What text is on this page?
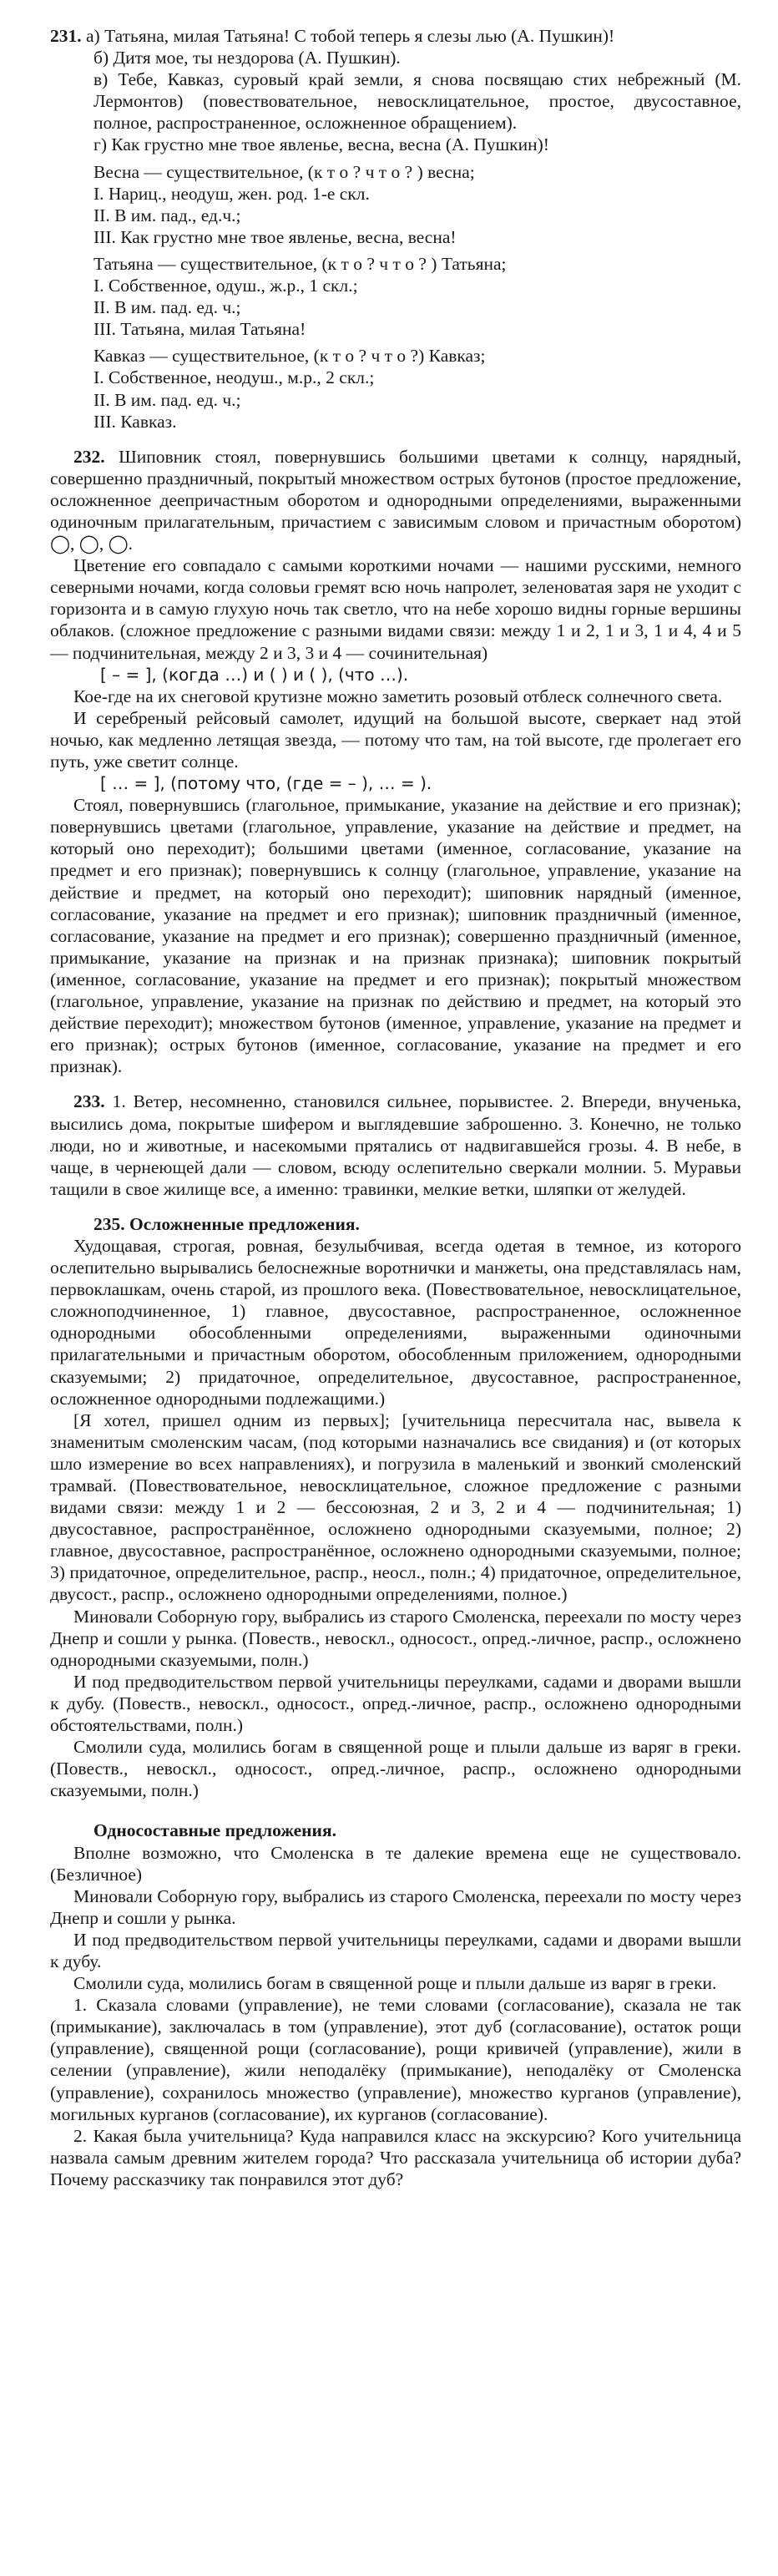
231. а) Татьяна, милая Татьяна! С тобой теперь я слезы лью (А. Пушкин)!

б) Дитя мое, ты нездорова (А. Пушкин).

в) Тебе, Кавказ, суровый край земли, я снова посвящаю стих небрежный (М. Лермонтов) (повествовательное, невосклицательное, простое, двусоставное, полное, распространенное, осложненное обращением).

г) Как грустно мне твое явленье, весна, весна (А. Пушкин)!

Весна — существительное, (к т о ? ч т о ? ) весна;

I. Нариц., неодуш, жен. род. 1-е скл.

II. В им. пад., ед.ч.;

III. Как грустно мне твое явленье, весна, весна!

Татьяна — существительное, (к т о ? ч т о ? ) Татьяна;

I. Собственное, одуш., ж.р., 1 скл.;

II. В им. пад. ед. ч.;

III. Татьяна, милая Татьяна!

Кавказ — существительное, (к т о ? ч т о ?) Кавказ;

I. Собственное, неодуш., м.р., 2 скл.;

II. В им. пад. ед. ч.;

III. Кавказ.

232. Шиповник стоял, повернувшись большими цветами к солнцу, нарядный, совершенно праздничный, покрытый множеством острых бутонов (простое предложение, осложненное деепричастным оборотом и однородными определениями, выраженными одиночным прилагательным, причастием с зависимым словом и причастным оборотом) ◯, ◯, ◯.

Цветение его совпадало с самыми короткими ночами — нашими русскими, немного северными ночами, когда соловьи гремят всю ночь напролет, зеленоватая заря не уходит с горизонта и в самую глухую ночь так светло, что на небе хорошо видны горные вершины облаков. (сложное предложение с разными видами связи: между 1 и 2, 1 и 3, 1 и 4, 4 и 5 — подчинительная, между 2 и 3, 3 и 4 — сочинительная)

[ – = ], (когда …) и ( ) и ( ), (что …).

Кое-где на их снеговой крутизне можно заметить розовый отблеск солнечного света.

И серебреный рейсовый самолет, идущий на большой высоте, сверкает над этой ночью, как медленно летящая звезда, — потому что там, на той высоте, где пролегает его путь, уже светит солнце.

[ … = ], (потому что, (где = – ), … = ).

Стоял, повернувшись (глагольное, примыкание, указание на действие и его признак); повернувшись цветами (глагольное, управление, указание на действие и предмет, на который оно переходит); большими цветами (именное, согласование, указание на предмет и его признак); повернувшись к солнцу (глагольное, управление, указание на действие и предмет, на который оно переходит); шиповник нарядный (именное, согласование, указание на предмет и его признак); шиповник праздничный (именное, согласование, указание на предмет и его признак); совершенно праздничный (именное, примыкание, указание на признак и на признак признака); шиповник покрытый (именное, согласование, указание на предмет и его признак); покрытый множеством (глагольное, управление, указание на признак по действию и предмет, на который это действие переходит); множеством бутонов (именное, управление, указание на предмет и его признак); острых бутонов (именное, согласование, указание на предмет и его признак).

233. 1. Ветер, несомненно, становился сильнее, порывистее. 2. Впереди, внученька, высились дома, покрытые шифером и выглядевшие заброшенно. 3. Конечно, не только люди, но и животные, и насекомыми прятались от надвигавшейся грозы. 4. В небе, в чаще, в чернеющей дали — словом, всюду ослепительно сверкали молнии. 5. Муравьи тащили в свое жилище все, а именно: травинки, мелкие ветки, шляпки от желудей.

235. Осложненные предложения.

Худощавая, строгая, ровная, безулыбчивая, всегда одетая в темное, из которого ослепительно вырывались белоснежные воротнички и манжеты, она представлялась нам, первоклашкам, очень старой, из прошлого века. (Повествовательное, невосклицательное, сложноподчиненное, 1) главное, двусоставное, распространенное, осложненное однородными обособленными определениями, выраженными одиночными прилагательными и причастным оборотом, обособленным приложением, однородными сказуемыми; 2) придаточное, определительное, двусоставное, распространенное, осложненное однородными подлежащими.)

[Я хотел, пришел одним из первых]; [учительница пересчитала нас, вывела к знаменитым смоленским часам, (под которыми назначались все свидания) и (от которых шло измерение во всех направлениях), и погрузила в маленький и звонкий смоленский трамвай. (Повествовательное, невосклицательное, сложное предложение с разными видами связи: между 1 и 2 — бессоюзная, 2 и 3, 2 и 4 — подчинительная; 1) двусоставное, распространённое, осложнено однородными сказуемыми, полное; 2) главное, двусоставное, распространённое, осложнено однородными сказуемыми, полное; 3) придаточное, определительное, распр., неосл., полн.; 4) придаточное, определительное, двусост., распр., осложнено однородными определениями, полное.)

Миновали Соборную гору, выбрались из старого Смоленска, переехали по мосту через Днепр и сошли у рынка. (Повеств., невоскл., односост., опред.-личное, распр., осложнено однородными сказуемыми, полн.)

И под предводительством первой учительницы переулками, садами и дворами вышли к дубу. (Повеств., невоскл., односост., опред.-личное, распр., осложнено однородными обстоятельствами, полн.)

Смолили суда, молились богам в священной роще и плыли дальше из варяг в греки. (Повеств., невоскл., односост., опред.-личное, распр., осложнено однородными сказуемыми, полн.)

Односоставные предложения.

Вполне возможно, что Смоленска в те далекие времена еще не существовало. (Безличное)

Миновали Соборную гору, выбрались из старого Смоленска, переехали по мосту через Днепр и сошли у рынка.

И под предводительством первой учительницы переулками, садами и дворами вышли к дубу.

Смолили суда, молились богам в священной роще и плыли дальше из варяг в греки.

1. Сказала словами (управление), не теми словами (согласование), сказала не так (примыкание), заключалась в том (управление), этот дуб (согласование), остаток рощи (управление), священной рощи (согласование), рощи кривичей (управление), жили в селении (управление), жили неподалёку (примыкание), неподалёку от Смоленска (управление), сохранилось множество (управление), множество курганов (управление), могильных курганов (согласование), их курганов (согласование).

2. Какая была учительница? Куда направился класс на экскурсию? Кого учительница назвала самым древним жителем города? Что рассказала учительница об истории дуба? Почему рассказчику так понравился этот дуб?
